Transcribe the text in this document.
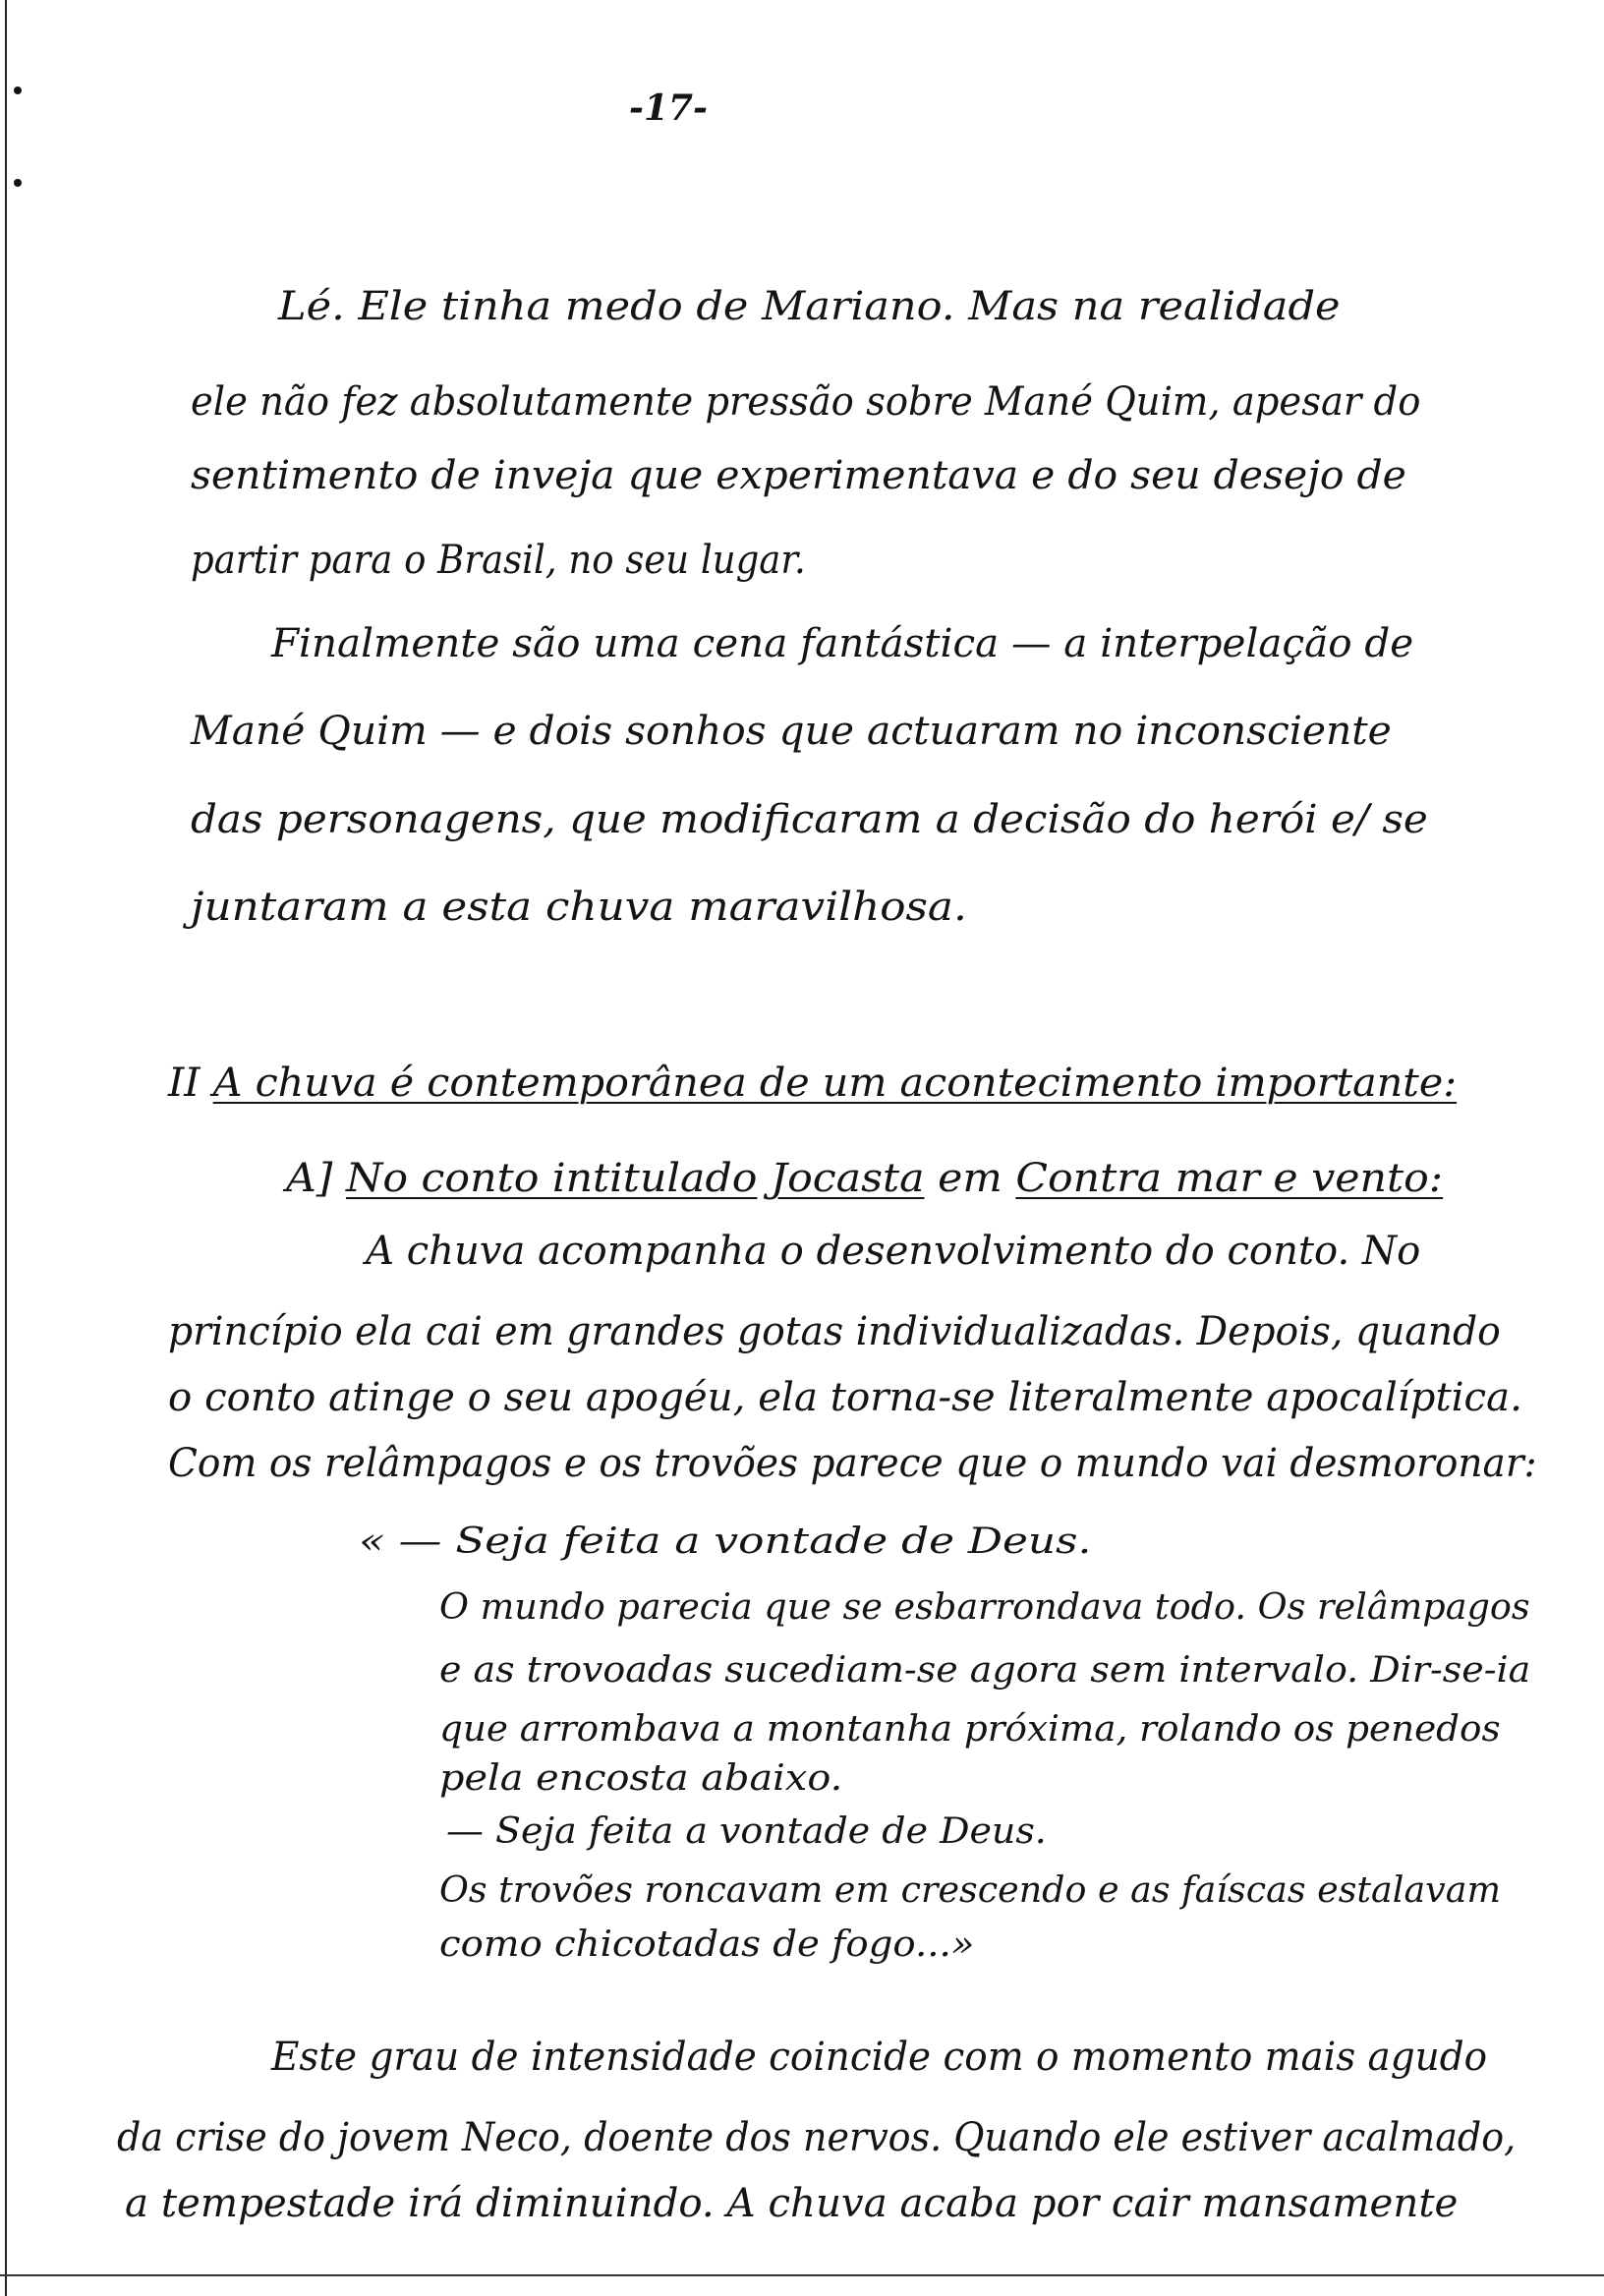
-17-
Lé. Ele tinha medo de Mariano. Mas na realidade
ele não fez absolutamente pressão sobre Mané Quim, apesar do
sentimento de inveja que experimentava e do seu desejo de
partir para o Brasil, no seu lugar.
Finalmente são uma cena fantástica — a interpelação de
Mané Quim — e dois sonhos que actuaram no inconsciente
das personagens, que modificaram a decisão do herói e/ se
juntaram a esta chuva maravilhosa.
II A chuva é contemporânea de um acontecimento importante:
A] No conto intitulado Jocasta em Contra mar e vento:
A chuva acompanha o desenvolvimento do conto. No
princípio ela cai em grandes gotas individualizadas. Depois, quando
o conto atinge o seu apogéu, ela torna-se literalmente apocalíptica.
Com os relâmpagos e os trovões parece que o mundo vai desmoronar:
« — Seja feita a vontade de Deus.
O mundo parecia que se esbarrondava todo. Os relâmpagos
e as trovoadas sucediam-se agora sem intervalo. Dir-se-ia
que arrombava a montanha próxima, rolando os penedos
pela encosta abaixo.
— Seja feita a vontade de Deus.
Os trovões roncavam em crescendo e as faíscas estalavam
como chicotadas de fogo...»
Este grau de intensidade coincide com o momento mais agudo
da crise do jovem Neco, doente dos nervos. Quando ele estiver acalmado,
a tempestade irá diminuindo. A chuva acaba por cair mansamente
